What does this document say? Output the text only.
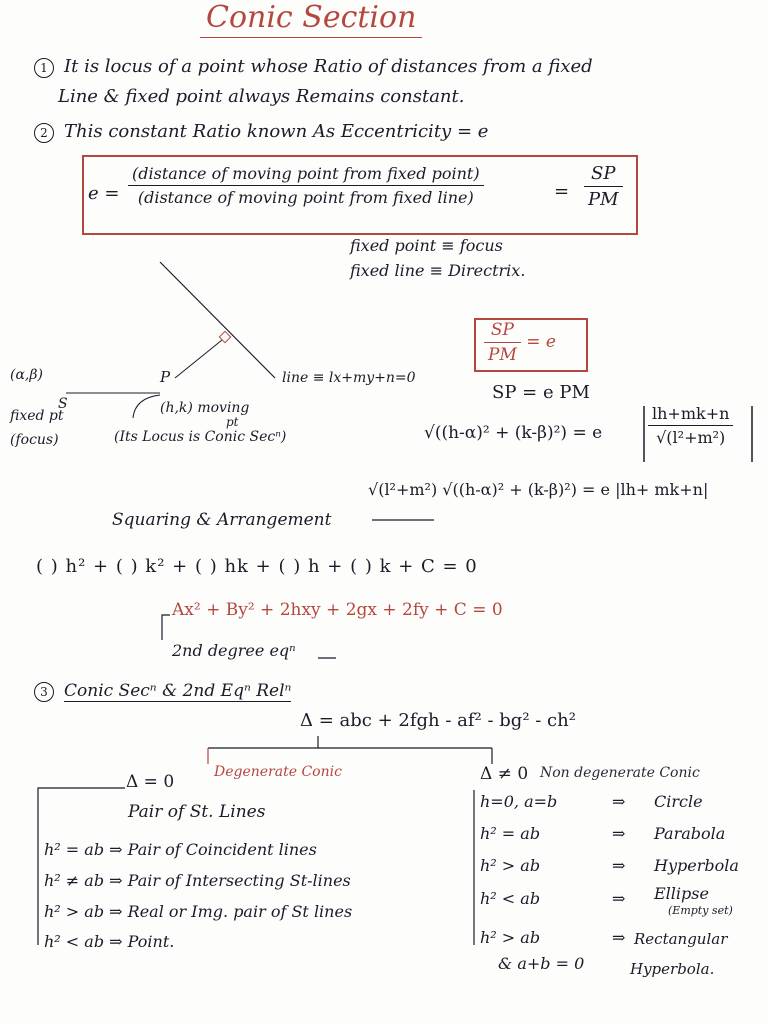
Conic Section
1 It is locus of a point whose Ratio of distances from a fixed
Line & fixed point always Remains constant.
2 This constant Ratio known As Eccentricity = e
$e = \frac{\text{(distance of moving point from fixed point)}}{\text{(distance of moving point from fixed line)}}$	= $\frac{SP}{PM}$
fixed point ≡ focus
fixed line ≡ Directrix.
$\frac{SP}{PM} = e$
(α,β)
S
fixed pt
(focus)
P
(h,k) moving
pt
(Its Locus is Conic Secⁿ)
line ≡ lx+my+n=0
SP = e PM
√((h-α)² + (k-β)²) = e	$\frac{lh+mk+n}{\text{√(l²+m²)}}$
√(l²+m²) √((h-α)² + (k-β)²) = e |lh+ mk+n|
Squaring & Arrangement
( ) h² + ( ) k² + ( ) hk + ( ) h + ( ) k + C = 0
Ax² + By² + 2hxy + 2gx + 2fy + C = 0
2nd degree eqⁿ
3 Conic Secⁿ & 2nd Eqⁿ Relⁿ
Δ = abc + 2fgh - af² - bg² - ch²
Δ = 0	Degenerate Conic
Pair of St. Lines
h² = ab ⇒ Pair of Coincident lines
h² ≠ ab ⇒ Pair of Intersecting St-lines
h² > ab ⇒ Real or Img. pair of St lines
h² < ab ⇒ Point.
Δ ≠ 0 Non degenerate Conic
h=0, a=b	⇒ Circle
h² = ab	⇒ Parabola
h² > ab	⇒ Hyperbola
h² < ab	⇒ Ellipse
(Empty set)
h² > ab	⇒ Rectangular
& a+b = 0	Hyperbola.
